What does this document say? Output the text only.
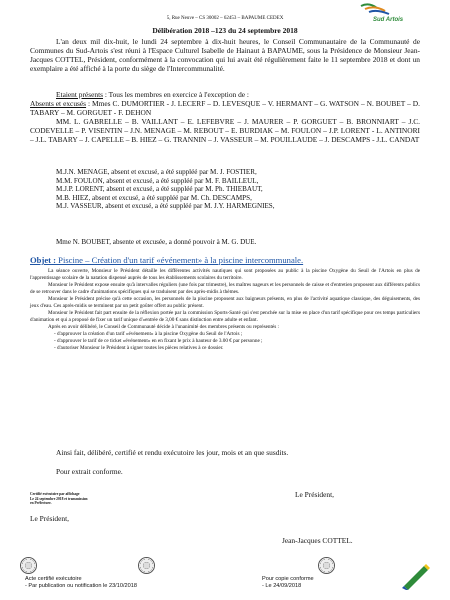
Sud Artois
5, Rue Neuve – CS 30002 – 62453 – BAPAUME CEDEX
Délibération 2018 –123 du 24 septembre 2018
L'an deux mil dix-huit, le lundi 24 septembre à dix-huit heures, le Conseil Communautaire de la Communauté de Communes du Sud-Artois s'est réuni à l'Espace Culturel Isabelle de Hainaut à BAPAUME, sous la Présidence de Monsieur Jean-Jacques COTTEL, Président, conformément à la convocation qui lui avait été régulièrement faite le 11 septembre 2018 et dont un exemplaire a été affiché à la porte du siège de l'Intercommunalité.
Etaient présents : Tous les membres en exercice à l'exception de :
Absents et excusés : Mmes C. DUMORTIER - J. LECERF – D. LEVESQUE – V. HERMANT – G. WATSON – N. BOUBET – D. TABARY – M. GORGUET - F. DEHON
MM. L. GABRELLE – B. VAILLANT – E. LEFEBVRE – J. MAURER – P. GORGUET – B. BRONNIART – J.C. CODEVELLE – P. VISENTIN – J.N. MENAGE – M. REBOUT – E. BURDIAK – M. FOULON – J.P. LORENT - L. ANTINORI – J.L. TABARY – J. CAPELLE – B. HIEZ – G. TRANNIN – J. VASSEUR – M. POUILLAUDE – J. DESCAMPS - J.L. CANDAT
M.J.N. MENAGE, absent et excusé, a été suppléé par M. J. FOSTIER,
M.M. FOULON, absent et excusé, a été suppléé par M. F. BAILLEUL,
M.J.P. LORENT, absent et excusé, a été suppléé par M. Ph. THIEBAUT,
M.B. HIEZ, absent et excusé, a été suppléé par M. Ch. DESCAMPS,
M.J. VASSEUR, absent et excusé, a été suppléé par M. J.Y. HARMEGNIES,
Mme N. BOUBET, absente et excusée, a donné pouvoir à M. G. DUE.
Objet : Piscine – Création d'un tarif «événement» à la piscine intercommunale.

La séance ouverte, Monsieur le Président détaille les différentes activités nautiques qui sont proposées au public à la piscine Oxygène du Seuil de l'Artois en plus de l'apprentissage scolaire de la natation dispensé auprès de tous les établissements scolaires du territoire.

Monsieur le Président expose ensuite qu'à intervalles réguliers (une fois par trimestre), les maîtres nageurs et les personnels de caisse et d'entretien proposent aux différents publics de se retrouver dans le cadre d'animations spécifiques qui se traduisent par des après-midis à thèmes.

Monsieur le Président précise qu'à cette occasion, les personnels de la piscine proposent aux baigneurs présents, en plus de l'activité aquatique classique, des déguisements, des jeux d'eau. Ces après-midis se terminent par un petit goûter offert au public présent.

Monsieur le Président fait part ensuite de la réflexion portée par la commission Sports-Santé qui s'est penchée sur la mise en place d'un tarif spécifique pour ces temps particuliers d'animation et qui a proposé de fixer un tarif unique d'«entrée de 3,00 € sans distinction entre adulte et enfant.

Après en avoir délibéré, le Conseil de Communauté décide à l'unanimité des membres présents ou représentés :

- d'approuver la création d'un tarif «événement» à la piscine Oxygène du Seuil de l'Artois ;
- d'approuver le tarif de ce ticket «événement» en en fixant le prix à hauteur de 3.00 € par personne ;
- d'autoriser Monsieur le Président à signer toutes les pièces relatives à ce dossier.
Ainsi fait, délibéré, certifié et rendu exécutoire les jour, mois et an que susdits.
Pour extrait conforme.
Le Président,
Certifié exécutoire par affichage
Le 24 septembre 2018 et transmission
en Préfecture.
Le Président,
Jean-Jacques COTTEL.
Acte certifié exécutoire
- Par publication ou notification le 23/10/2018
Pour copie conforme
- Le 24/09/2018
